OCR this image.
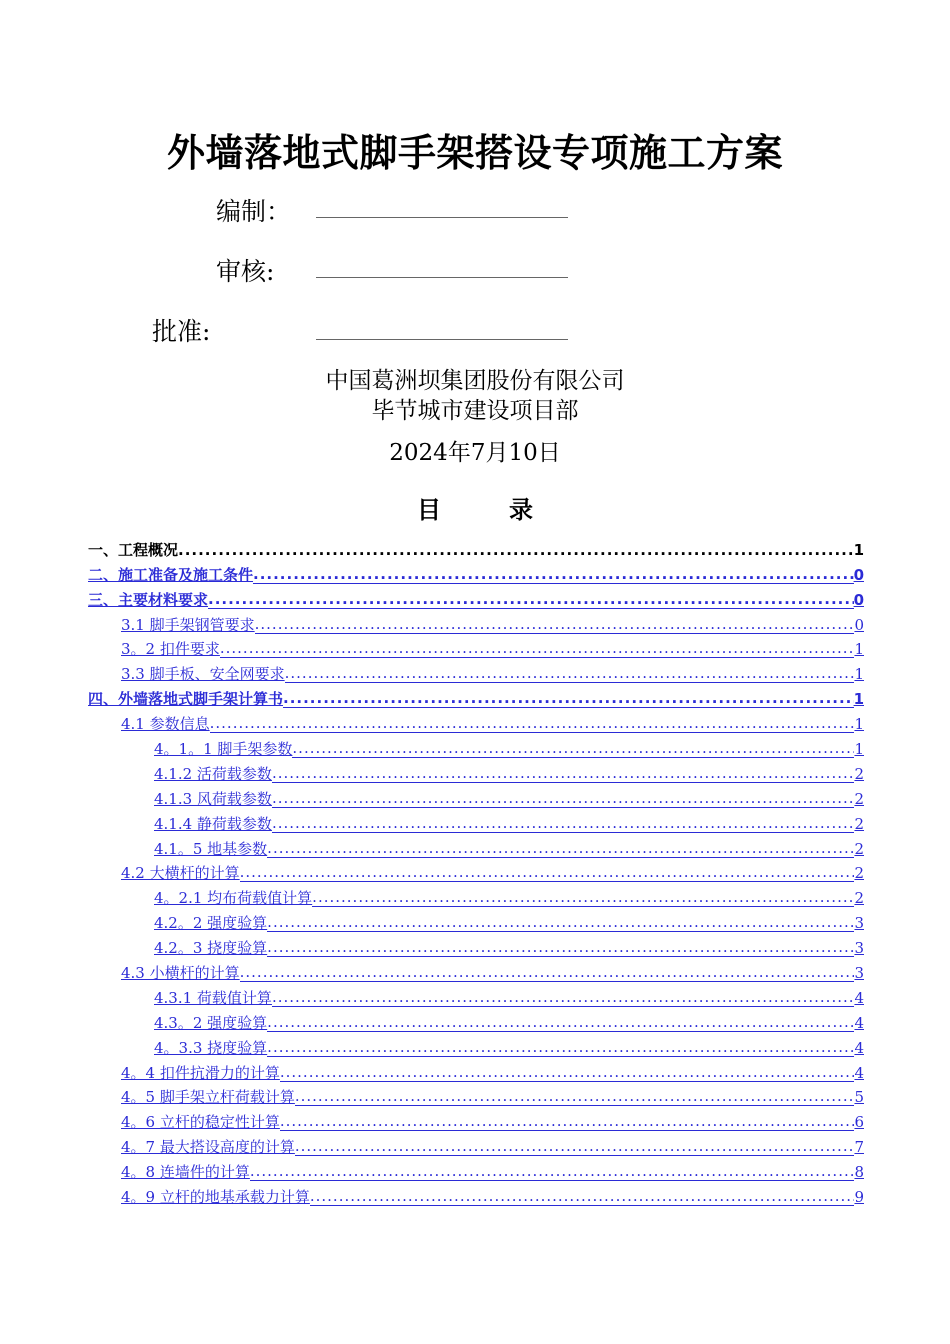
外墙落地式脚手架搭设专项施工方案
编制：
审核:
批准:
中国葛洲坝集团股份有限公司
毕节城市建设项目部
2024年7月10日
目	录
一、工程概况 .....	1
二、施工准备及施工条件 .....	0
三、主要材料要求 .....	0
3.1 脚手架钢管要求 .....	0
3。2 扣件要求 .....	1
3.3 脚手板、安全网要求 .....	1
四、外墙落地式脚手架计算书 .....	1
4.1 参数信息 .....	1
4。1。1 脚手架参数 .....	1
4.1.2 活荷载参数 .....	2
4.1.3 风荷载参数 .....	2
4.1.4 静荷载参数 .....	2
4.1。5 地基参数 .....	2
4.2 大横杆的计算 .....	2
4。2.1 均布荷载值计算 .....	2
4.2。2 强度验算 .....	3
4.2。3 挠度验算 .....	3
4.3 小横杆的计算 .....	3
4.3.1 荷载值计算 .....	4
4.3。2 强度验算 .....	4
4。3.3 挠度验算 .....	4
4。4 扣件抗滑力的计算 .....	4
4。5 脚手架立杆荷载计算 .....	5
4。6 立杆的稳定性计算 .....	6
4。7 最大搭设高度的计算 .....	7
4。8 连墙件的计算 .....	8
4。9 立杆的地基承载力计算 .....	9
